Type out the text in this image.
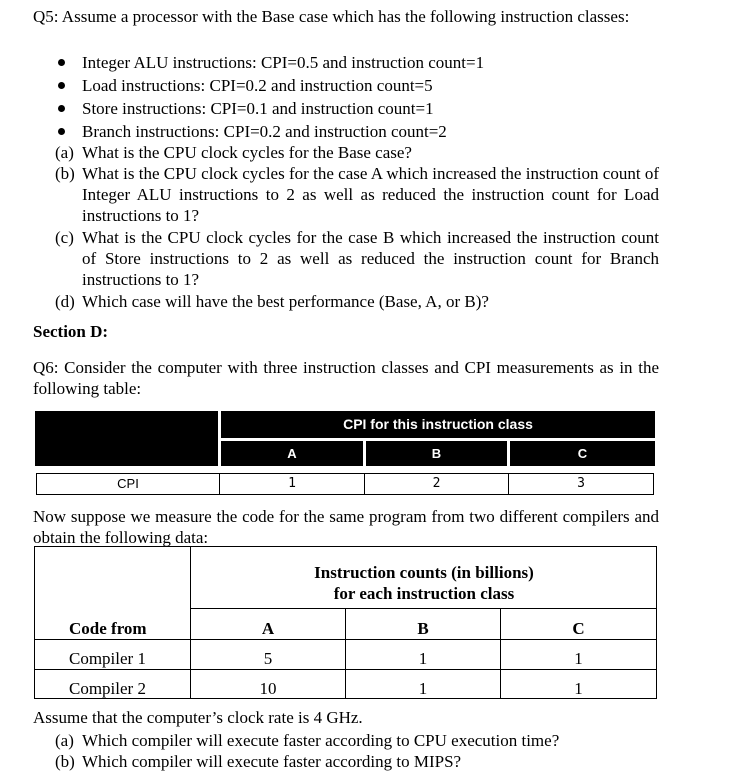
Q5: Assume a processor with the Base case which has the following instruction classes:
Integer ALU instructions: CPI=0.5 and instruction count=1
Load instructions: CPI=0.2 and instruction count=5
Store instructions: CPI=0.1 and instruction count=1
Branch instructions: CPI=0.2 and instruction count=2
(a) What is the CPU clock cycles for the Base case?
(b) What is the CPU clock cycles for the case A which increased the instruction count of Integer ALU instructions to 2 as well as reduced the instruction count for Load instructions to 1?
(c) What is the CPU clock cycles for the case B which increased the instruction count of Store instructions to 2 as well as reduced the instruction count for Branch instructions to 1?
(d) Which case will have the best performance (Base, A, or B)?
Section D:
Q6: Consider the computer with three instruction classes and CPI measurements as in the following table:
CPI for this instruction class
A	B	C
CPI	1	2	3
Now suppose we measure the code for the same program from two different compilers and obtain the following data:
Instruction counts (in billions)
for each instruction class
Code from	A	B	C
Compiler 1	5	1	1
Compiler 2	10	1	1
Assume that the computer’s clock rate is 4 GHz.
(a) Which compiler will execute faster according to CPU execution time?
(b) Which compiler will execute faster according to MIPS?
